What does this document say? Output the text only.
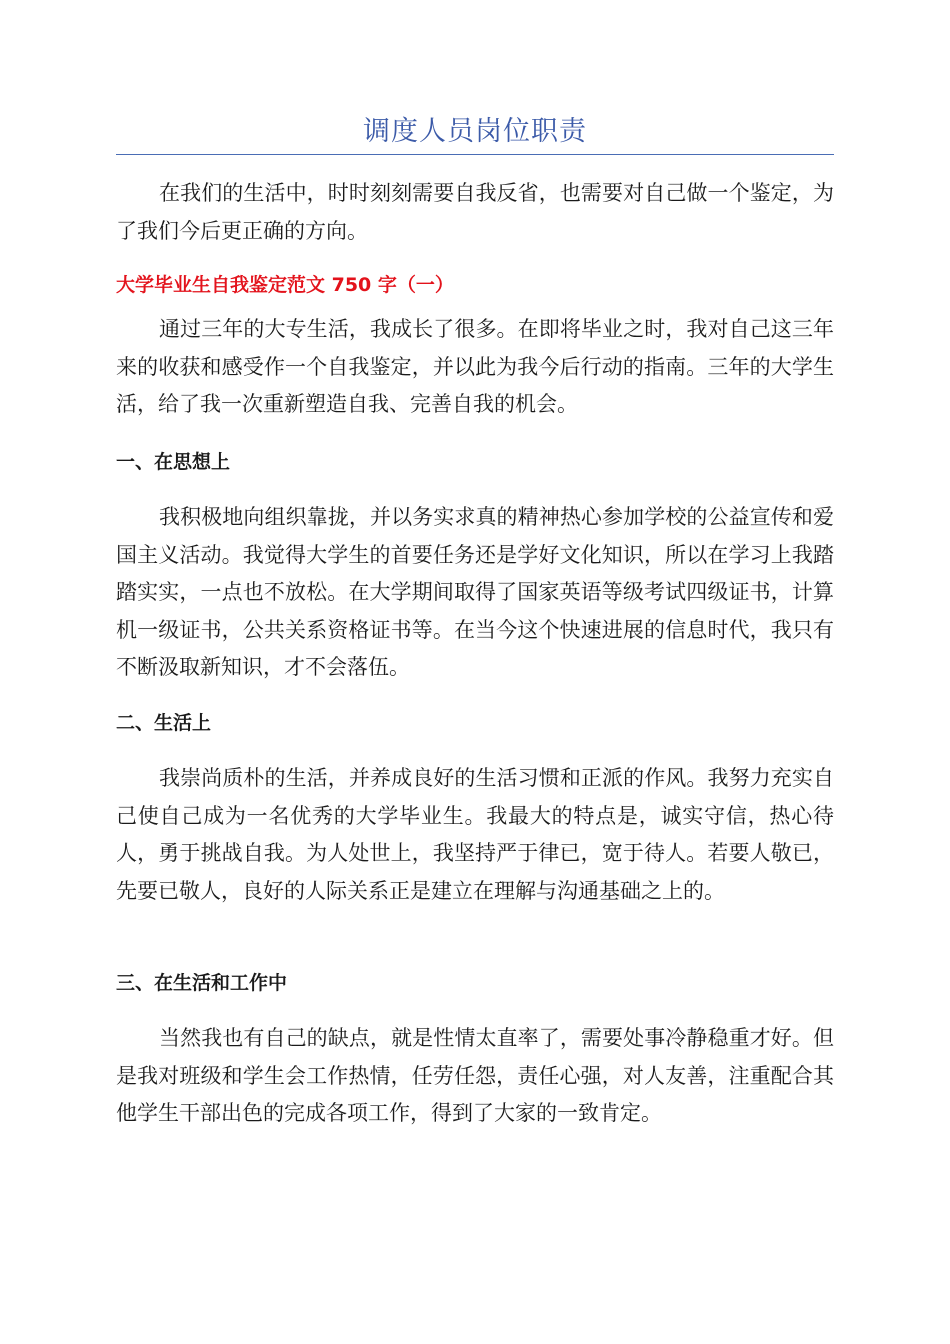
调度人员岗位职责

在我们的生活中，时时刻刻需要自我反省，也需要对自己做一个鉴定，为了我们今后更正确的方向。

大学毕业生自我鉴定范文 750 字（一）

通过三年的大专生活，我成长了很多。在即将毕业之时，我对自己这三年来的收获和感受作一个自我鉴定，并以此为我今后行动的指南。三年的大学生活，给了我一次重新塑造自我、完善自我的机会。

一、在思想上

我积极地向组织靠拢，并以务实求真的精神热心参加学校的公益宣传和爱国主义活动。我觉得大学生的首要任务还是学好文化知识，所以在学习上我踏踏实实，一点也不放松。在大学期间取得了国家英语等级考试四级证书，计算机一级证书，公共关系资格证书等。在当今这个快速进展的信息时代，我只有不断汲取新知识，才不会落伍。

二、生活上

我崇尚质朴的生活，并养成良好的生活习惯和正派的作风。我努力充实自己使自己成为一名优秀的大学毕业生。我最大的特点是，诚实守信，热心待人，勇于挑战自我。为人处世上，我坚持严于律已，宽于待人。若要人敬已，先要已敬人，良好的人际关系正是建立在理解与沟通基础之上的。

三、在生活和工作中

当然我也有自己的缺点，就是性情太直率了，需要处事冷静稳重才好。但是我对班级和学生会工作热情，任劳任怨，责任心强，对人友善，注重配合其他学生干部出色的完成各项工作，得到了大家的一致肯定。
